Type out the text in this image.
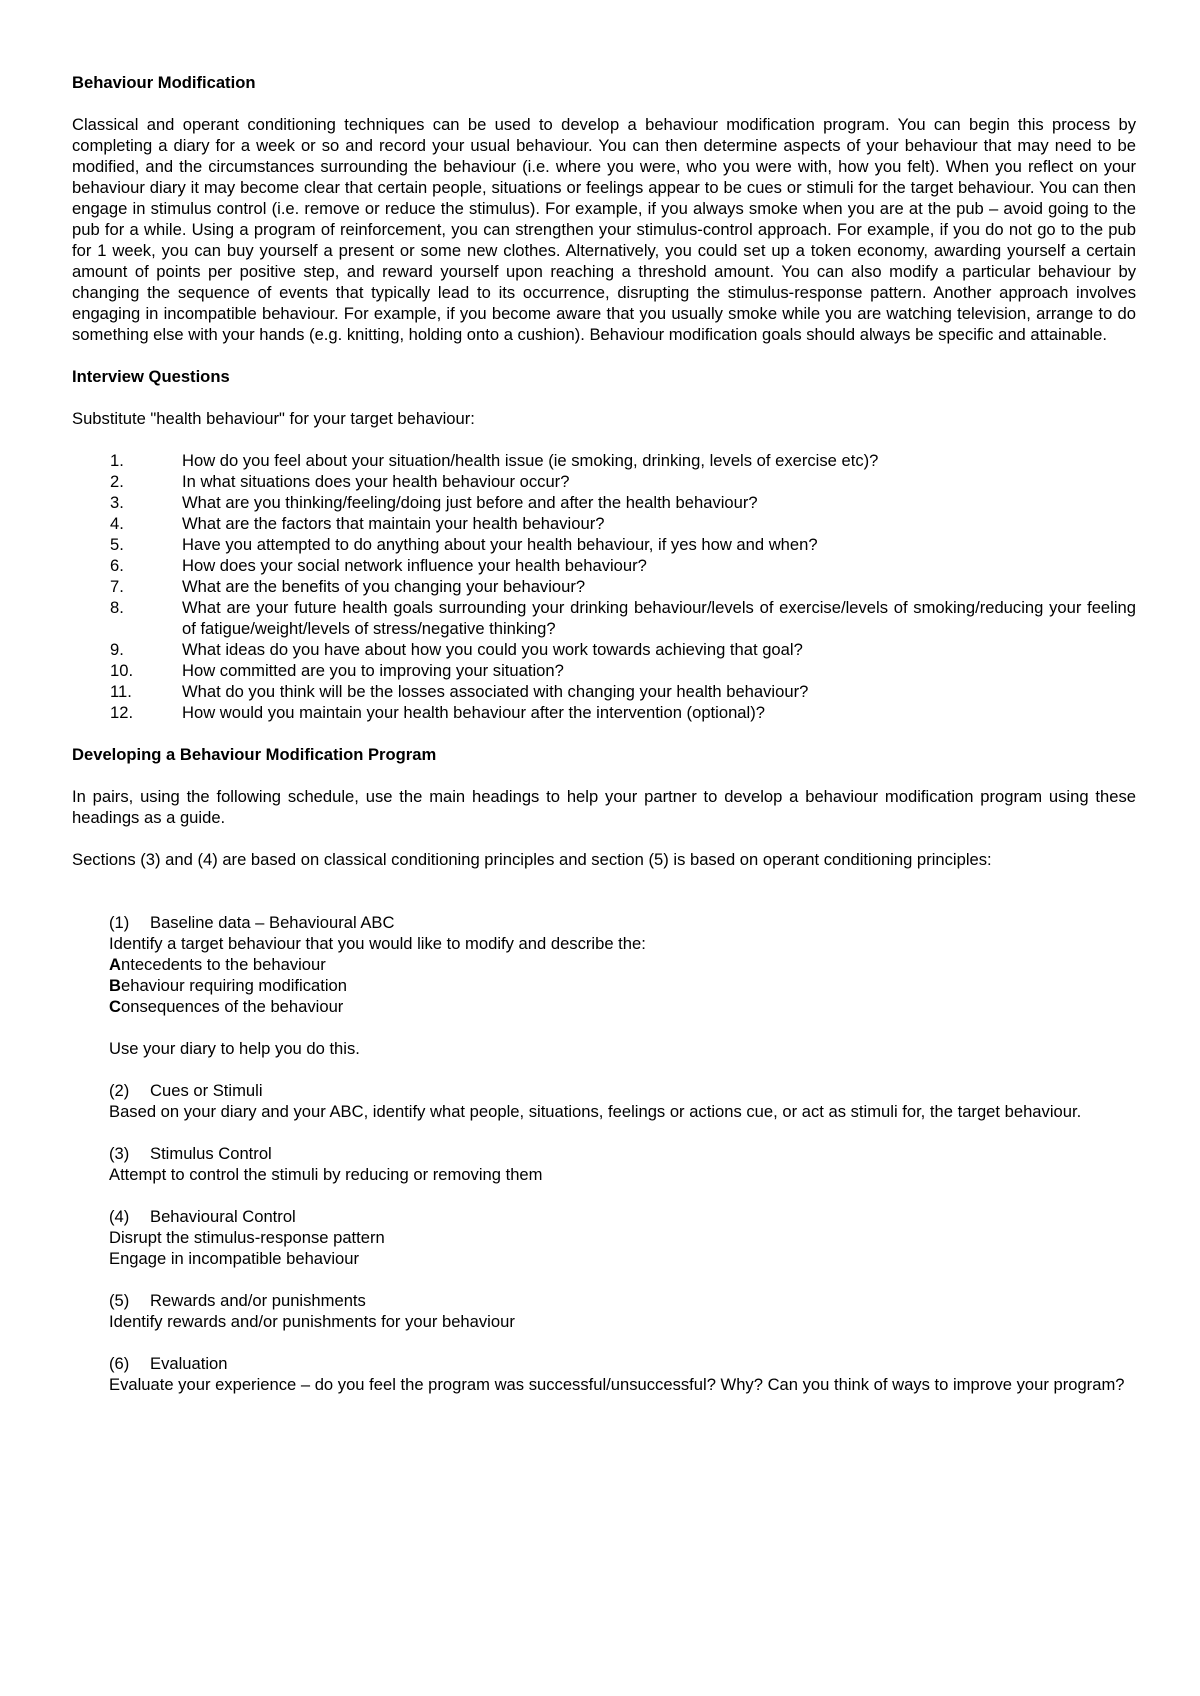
Behaviour Modification

Classical and operant conditioning techniques can be used to develop a behaviour modification program. You can begin this process by completing a diary for a week or so and record your usual behaviour. You can then determine aspects of your behaviour that may need to be modified, and the circumstances surrounding the behaviour (i.e. where you were, who you were with, how you felt). When you reflect on your behaviour diary it may become clear that certain people, situations or feelings appear to be cues or stimuli for the target behaviour. You can then engage in stimulus control (i.e. remove or reduce the stimulus). For example, if you always smoke when you are at the pub – avoid going to the pub for a while. Using a program of reinforcement, you can strengthen your stimulus-control approach. For example, if you do not go to the pub for 1 week, you can buy yourself a present or some new clothes. Alternatively, you could set up a token economy, awarding yourself a certain amount of points per positive step, and reward yourself upon reaching a threshold amount. You can also modify a particular behaviour by changing the sequence of events that typically lead to its occurrence, disrupting the stimulus-response pattern. Another approach involves engaging in incompatible behaviour. For example, if you become aware that you usually smoke while you are watching television, arrange to do something else with your hands (e.g. knitting, holding onto a cushion). Behaviour modification goals should always be specific and attainable.

Interview Questions

Substitute "health behaviour" for your target behaviour:

1.	How do you feel about your situation/health issue (ie smoking, drinking, levels of exercise etc)?
2.	In what situations does your health behaviour occur?
3.	What are you thinking/feeling/doing just before and after the health behaviour?
4.	What are the factors that maintain your health behaviour?
5.	Have you attempted to do anything about your health behaviour, if yes how and when?
6.	How does your social network influence your health behaviour?
7.	What are the benefits of you changing your behaviour?
8.	What are your future health goals surrounding your drinking behaviour/levels of exercise/levels of smoking/reducing your feeling of fatigue/weight/levels of stress/negative thinking?
9.	What ideas do you have about how you could you work towards achieving that goal?
10.	How committed are you to improving your situation?
11.	What do you think will be the losses associated with changing your health behaviour?
12.	How would you maintain your health behaviour after the intervention (optional)?
Developing a Behaviour Modification Program

In pairs, using the following schedule, use the main headings to help your partner to develop a behaviour modification program using these headings as a guide.

Sections (3) and (4) are based on classical conditioning principles and section (5) is based on operant conditioning principles:

(1)	Baseline data – Behavioural ABC

Identify a target behaviour that you would like to modify and describe the:

Antecedents to the behaviour
Behaviour requiring modification
Consequences of the behaviour

Use your diary to help you do this.

(2)	Cues or Stimuli

Based on your diary and your ABC, identify what people, situations, feelings or actions cue, or act as stimuli for, the target behaviour.

(3)	Stimulus Control

Attempt to control the stimuli by reducing or removing them

(4)	Behavioural Control

Disrupt the stimulus-response pattern

Engage in incompatible behaviour

(5)	Rewards and/or punishments

Identify rewards and/or punishments for your behaviour

(6)	Evaluation

Evaluate your experience – do you feel the program was successful/unsuccessful? Why? Can you think of ways to improve your program?
